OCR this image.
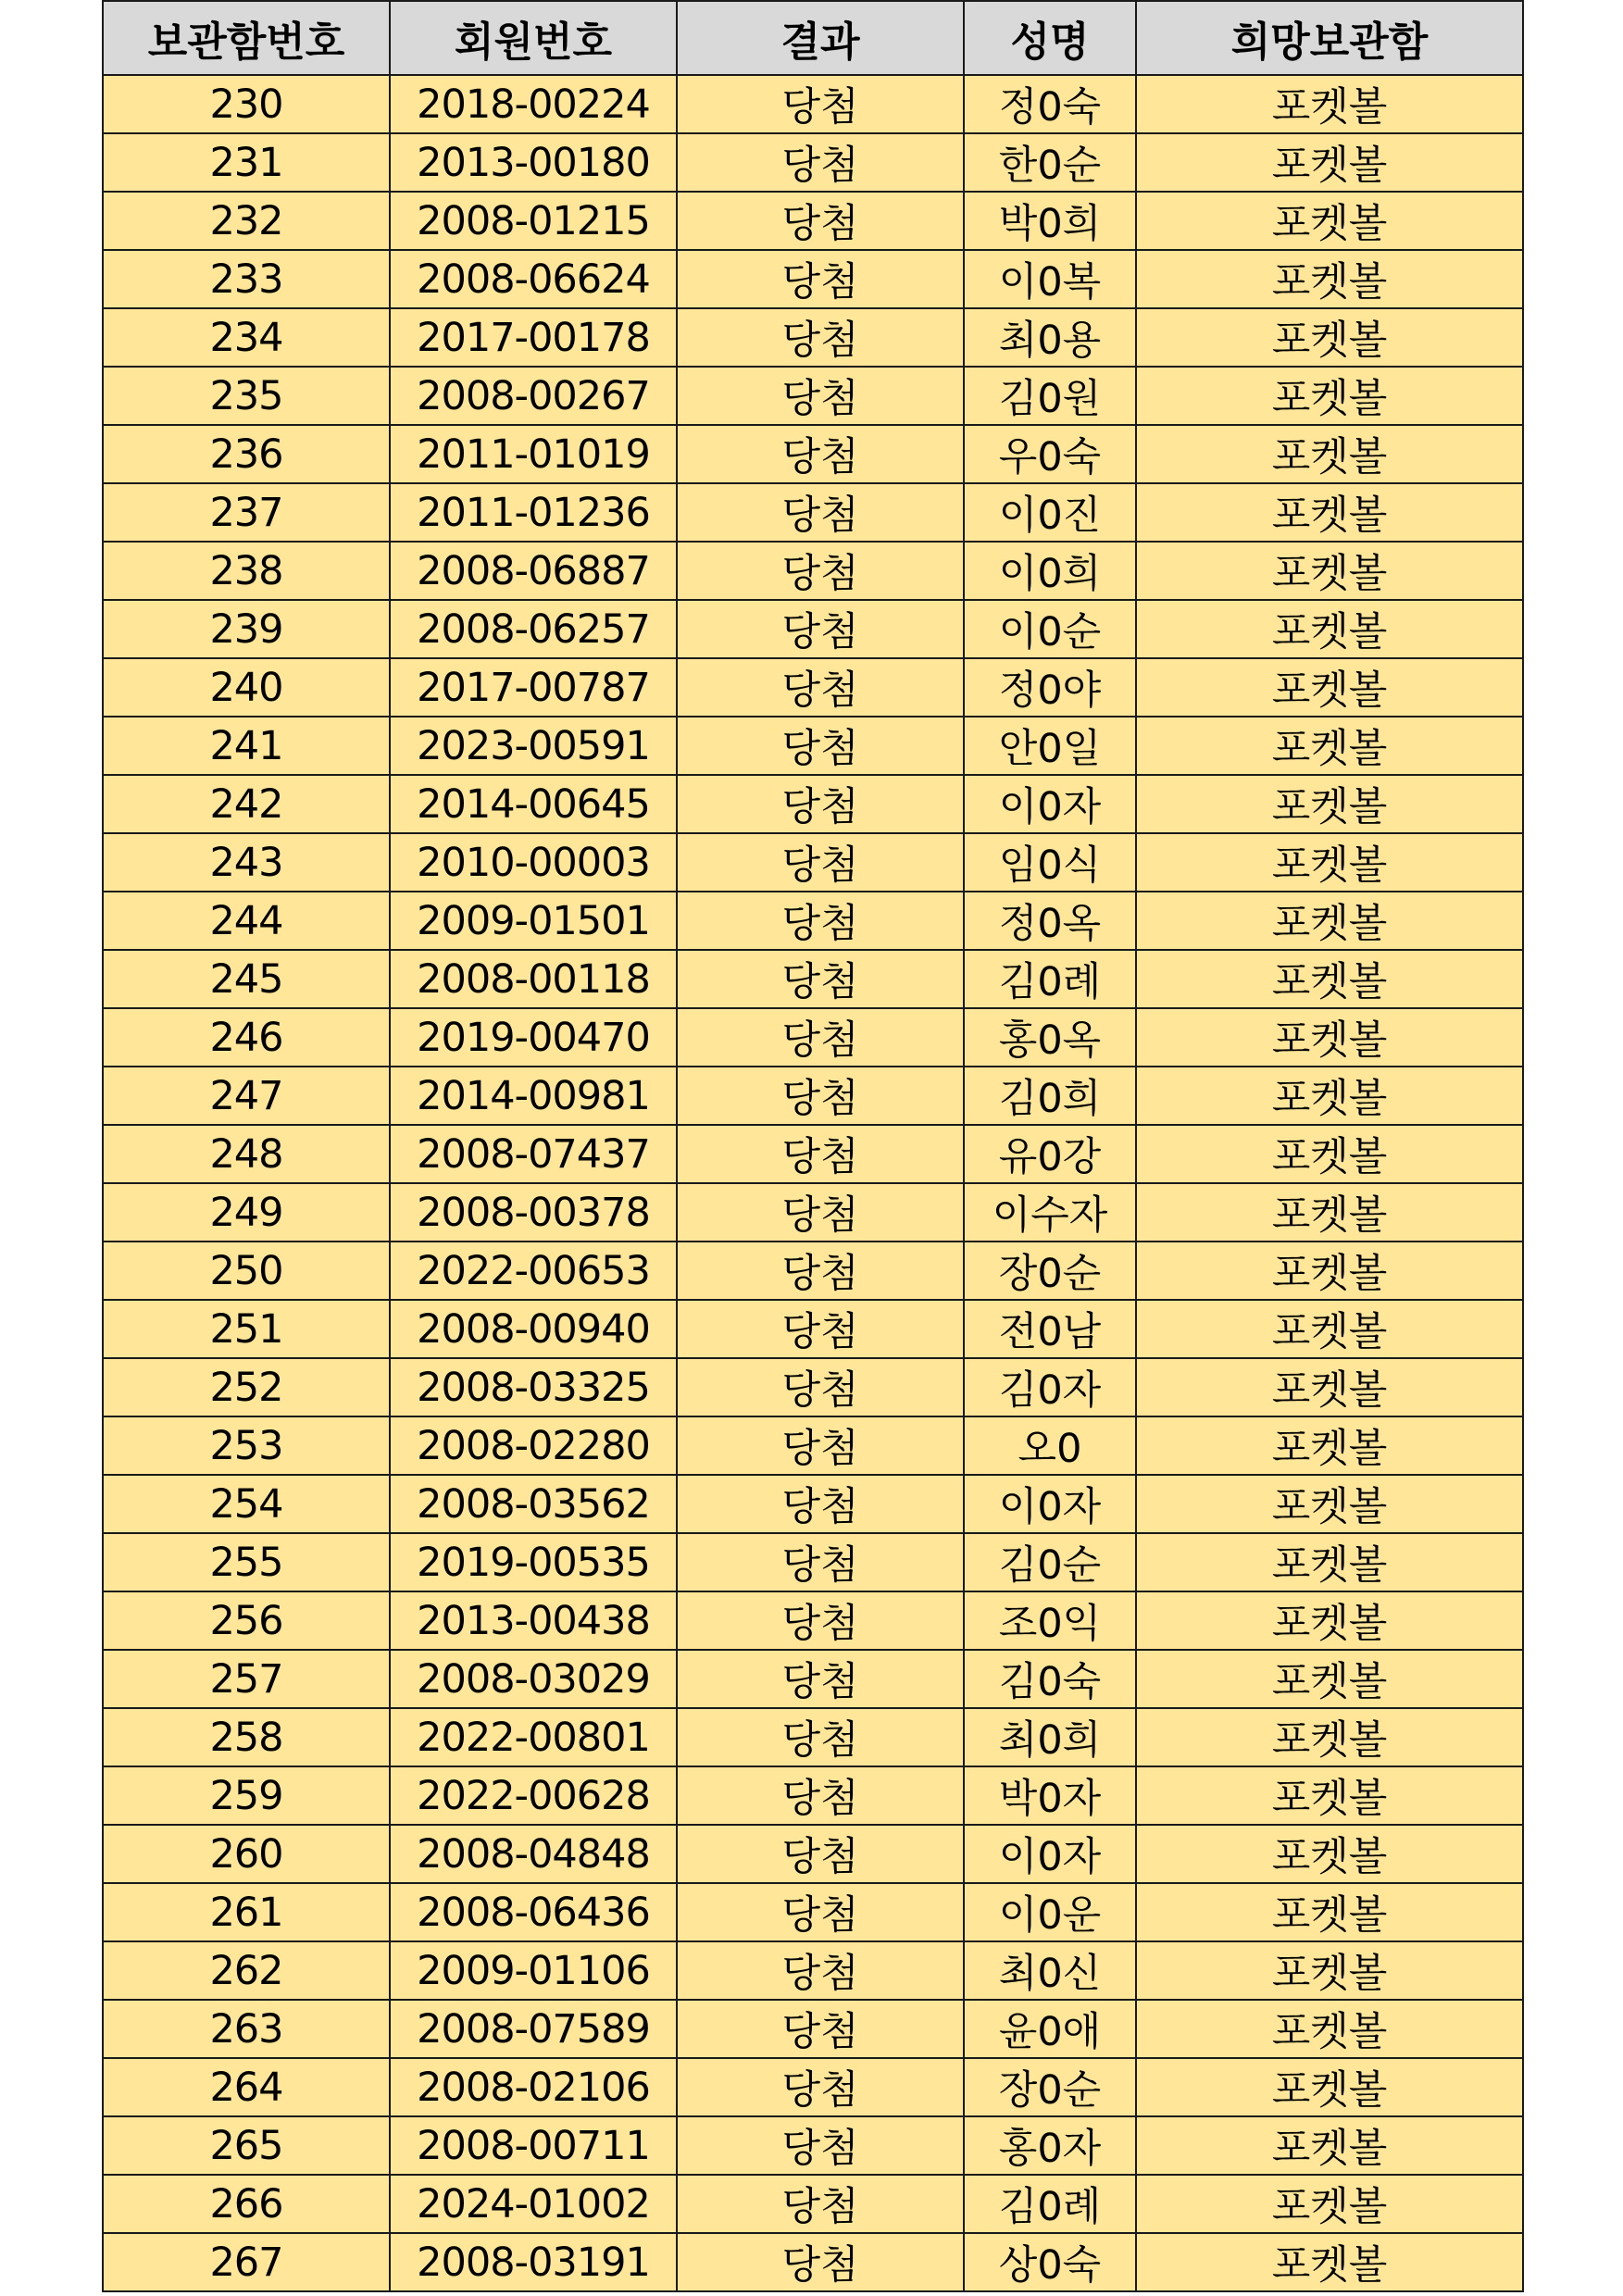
보관함번호	회원번호	결과	성명	희망보관함
230	2018-00224	당첨	정0숙	포켓볼
231	2013-00180	당첨	한0순	포켓볼
232	2008-01215	당첨	박0희	포켓볼
233	2008-06624	당첨	이0복	포켓볼
234	2017-00178	당첨	최0용	포켓볼
235	2008-00267	당첨	김0원	포켓볼
236	2011-01019	당첨	우0숙	포켓볼
237	2011-01236	당첨	이0진	포켓볼
238	2008-06887	당첨	이0희	포켓볼
239	2008-06257	당첨	이0순	포켓볼
240	2017-00787	당첨	정0야	포켓볼
241	2023-00591	당첨	안0일	포켓볼
242	2014-00645	당첨	이0자	포켓볼
243	2010-00003	당첨	임0식	포켓볼
244	2009-01501	당첨	정0옥	포켓볼
245	2008-00118	당첨	김0례	포켓볼
246	2019-00470	당첨	홍0옥	포켓볼
247	2014-00981	당첨	김0희	포켓볼
248	2008-07437	당첨	유0강	포켓볼
249	2008-00378	당첨	이수자	포켓볼
250	2022-00653	당첨	장0순	포켓볼
251	2008-00940	당첨	전0남	포켓볼
252	2008-03325	당첨	김0자	포켓볼
253	2008-02280	당첨	오0	포켓볼
254	2008-03562	당첨	이0자	포켓볼
255	2019-00535	당첨	김0순	포켓볼
256	2013-00438	당첨	조0익	포켓볼
257	2008-03029	당첨	김0숙	포켓볼
258	2022-00801	당첨	최0희	포켓볼
259	2022-00628	당첨	박0자	포켓볼
260	2008-04848	당첨	이0자	포켓볼
261	2008-06436	당첨	이0운	포켓볼
262	2009-01106	당첨	최0신	포켓볼
263	2008-07589	당첨	윤0애	포켓볼
264	2008-02106	당첨	장0순	포켓볼
265	2008-00711	당첨	홍0자	포켓볼
266	2024-01002	당첨	김0례	포켓볼
267	2008-03191	당첨	상0숙	포켓볼
